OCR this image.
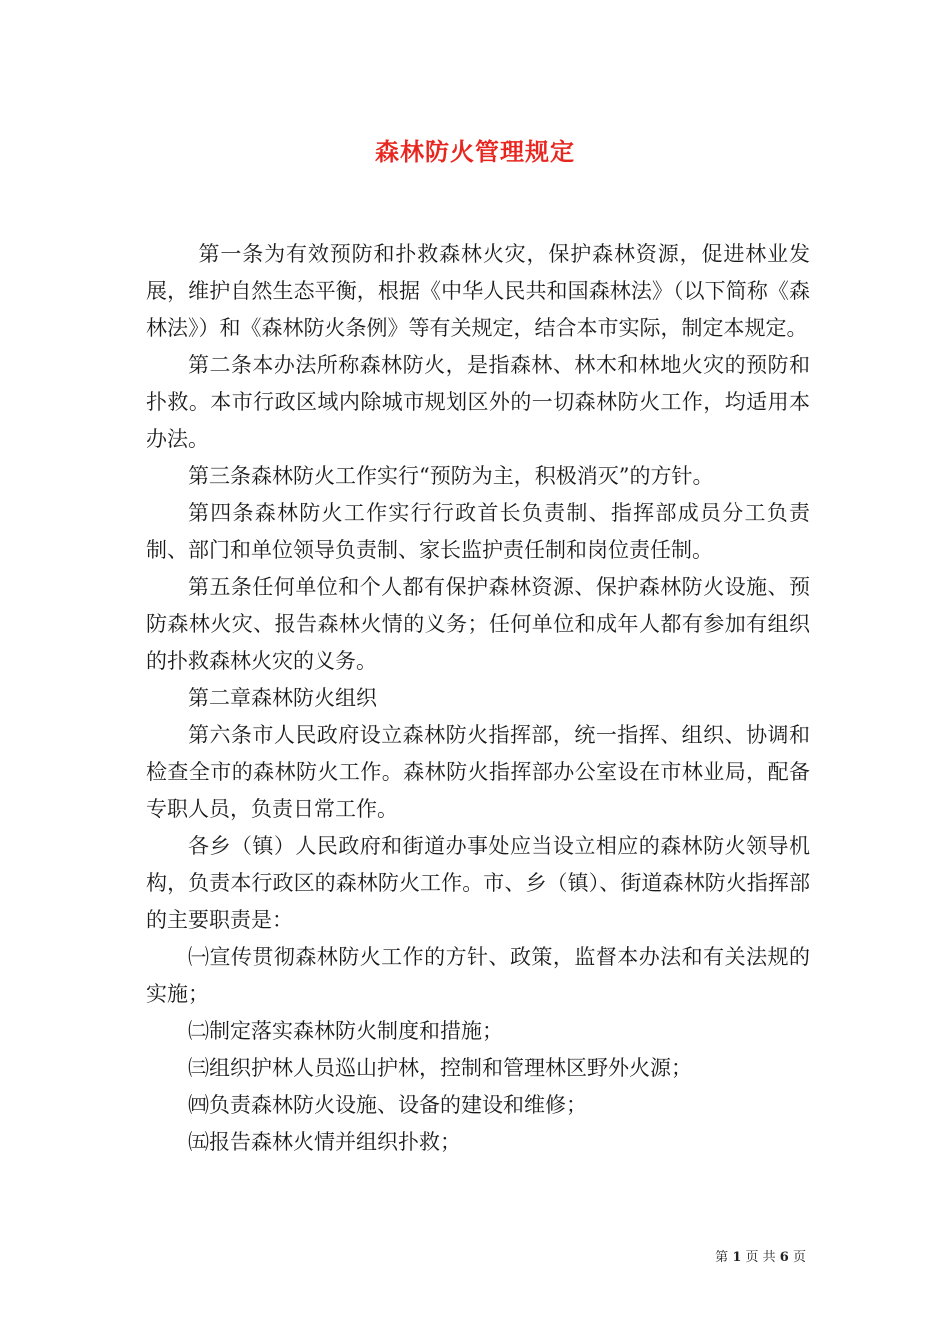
森林防火管理规定

第一条为有效预防和扑救森林火灾，保护森林资源，促进林业发展，维护自然生态平衡，根据《中华人民共和国森林法》（以下简称《森林法》）和《森林防火条例》等有关规定，结合本市实际，制定本规定。

第二条本办法所称森林防火，是指森林、林木和林地火灾的预防和扑救。本市行政区域内除城市规划区外的一切森林防火工作，均适用本办法。

第三条森林防火工作实行“预防为主，积极消灭”的方针。

第四条森林防火工作实行行政首长负责制、指挥部成员分工负责制、部门和单位领导负责制、家长监护责任制和岗位责任制。

第五条任何单位和个人都有保护森林资源、保护森林防火设施、预防森林火灾、报告森林火情的义务；任何单位和成年人都有参加有组织的扑救森林火灾的义务。

第二章森林防火组织

第六条市人民政府设立森林防火指挥部，统一指挥、组织、协调和检查全市的森林防火工作。森林防火指挥部办公室设在市林业局，配备专职人员，负责日常工作。

各乡（镇）人民政府和街道办事处应当设立相应的森林防火领导机构，负责本行政区的森林防火工作。市、乡（镇）、街道森林防火指挥部的主要职责是：

㈠宣传贯彻森林防火工作的方针、政策，监督本办法和有关法规的实施；

㈡制定落实森林防火制度和措施；

㈢组织护林人员巡山护林，控制和管理林区野外火源；

㈣负责森林防火设施、设备的建设和维修；

㈤报告森林火情并组织扑救；

第 1 页 共 6 页
